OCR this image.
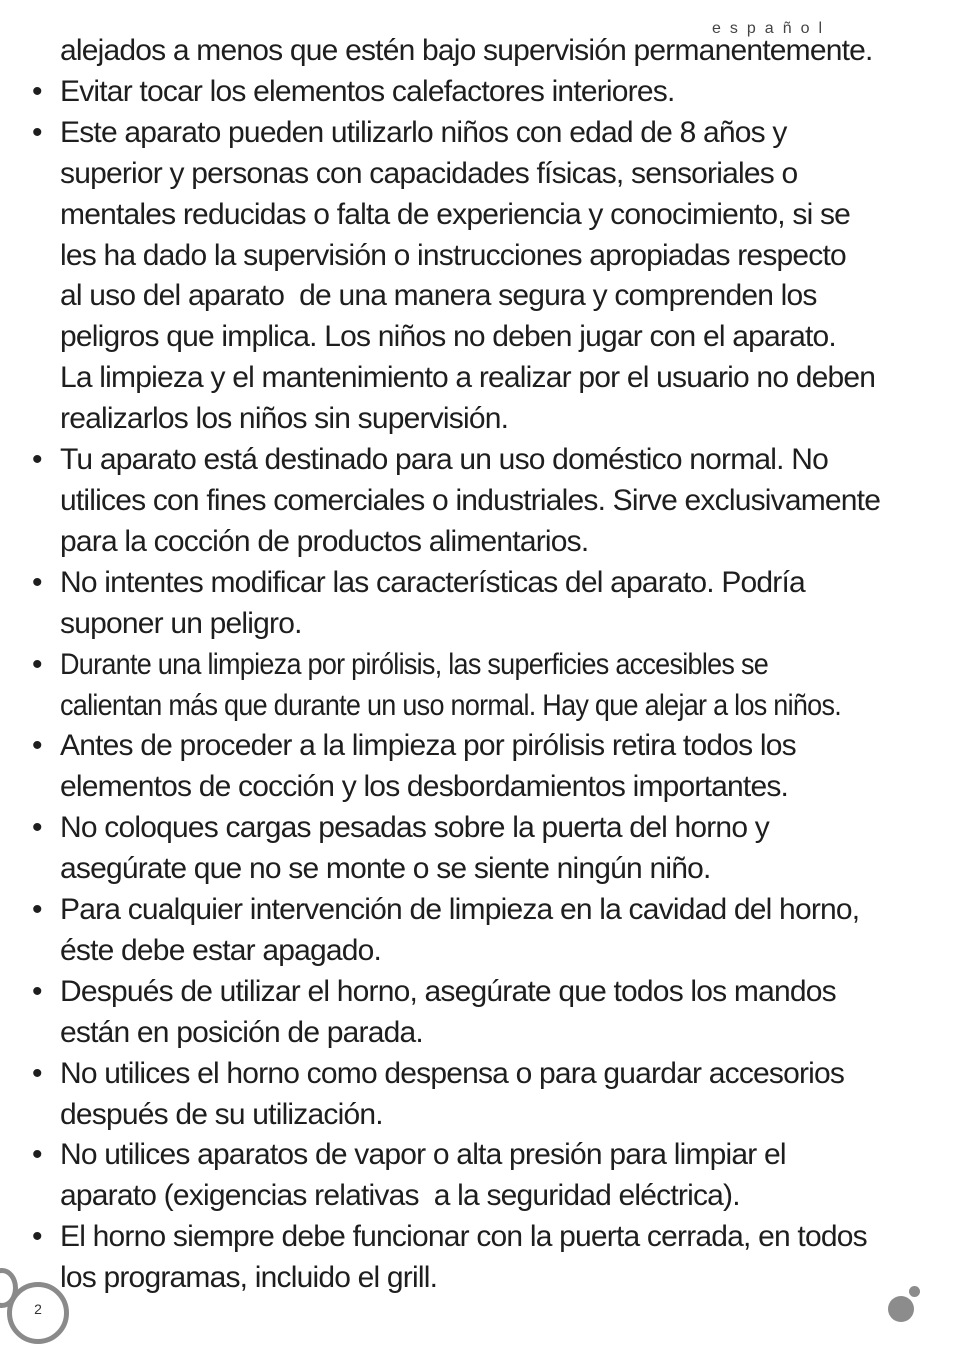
español

alejados a menos que estén bajo supervisión permanentemente.

• Evitar tocar los elementos calefactores interiores.
• Este aparato pueden utilizarlo niños con edad de 8 años y
superior y personas con capacidades físicas, sensoriales o
mentales reducidas o falta de experiencia y conocimiento, si se
les ha dado la supervisión o instrucciones apropiadas respecto
al uso del aparato  de una manera segura y comprenden los
peligros que implica. Los niños no deben jugar con el aparato.
La limpieza y el mantenimiento a realizar por el usuario no deben
realizarlos los niños sin supervisión.
• Tu aparato está destinado para un uso doméstico normal. No
utilices con fines comerciales o industriales. Sirve exclusivamente
para la cocción de productos alimentarios.
• No intentes modificar las características del aparato. Podría
suponer un peligro.
• Durante una limpieza por pirólisis, las superficies accesibles se
calientan más que durante un uso normal. Hay que alejar a los niños.
• Antes de proceder a la limpieza por pirólisis retira todos los
elementos de cocción y los desbordamientos importantes.
• No coloques cargas pesadas sobre la puerta del horno y
asegúrate que no se monte o se siente ningún niño.
• Para cualquier intervención de limpieza en la cavidad del horno,
éste debe estar apagado.
• Después de utilizar el horno, asegúrate que todos los mandos
están en posición de parada.
• No utilices el horno como despensa o para guardar accesorios
después de su utilización.
• No utilices aparatos de vapor o alta presión para limpiar el
aparato (exigencias relativas  a la seguridad eléctrica).
• El horno siempre debe funcionar con la puerta cerrada, en todos
los programas, incluido el grill.
2
